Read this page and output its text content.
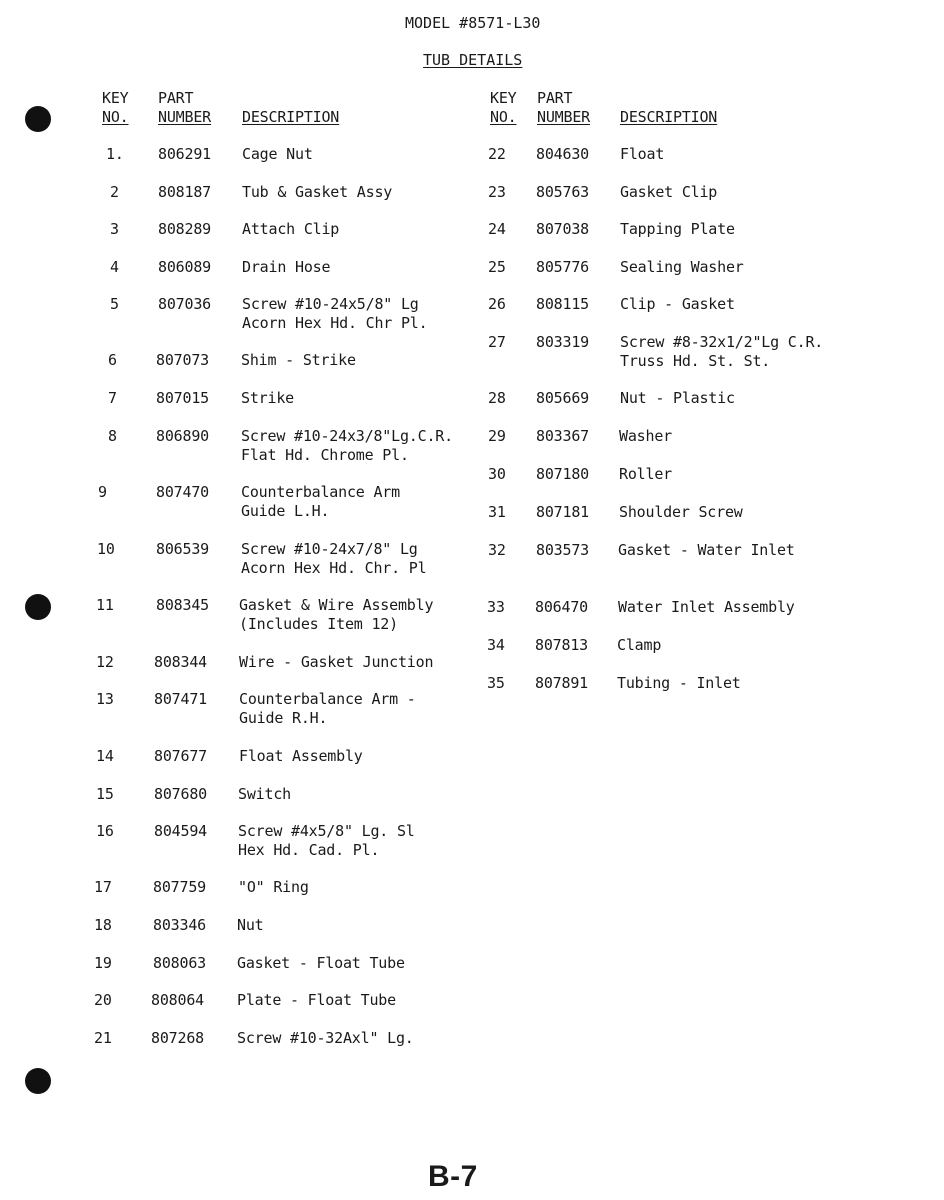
MODEL #8571-L30
TUB DETAILS
KEY
NO.
PART
NUMBER DESCRIPTION
KEY
NO.
PART
NUMBER DESCRIPTION
1. 806291 Cage Nut
2	808187 Tub & Gasket Assy
3	808289 Attach Clip
4	806089 Drain Hose
5	807036 Screw #10-24x5/8" Lg
Acorn Hex Hd. Chr Pl.
6	807073 Shim - Strike
7	807015 Strike
8	806890 Screw #10-24x3/8"Lg.C.R.
Flat Hd. Chrome Pl.
9	807470 Counterbalance Arm
Guide L.H.
10	806539 Screw #10-24x7/8" Lg
Acorn Hex Hd. Chr. Pl
11	808345 Gasket & Wire Assembly
(Includes Item 12)
12	808344 Wire - Gasket Junction
13	807471 Counterbalance Arm -
Guide R.H.
14	807677 Float Assembly
15	807680 Switch
16	804594 Screw #4x5/8" Lg. Sl
Hex Hd. Cad. Pl.
17	807759 "O" Ring
18	803346 Nut
19	808063 Gasket - Float Tube
20	808064 Plate - Float Tube
21	807268 Screw #10-32Axl" Lg.
22 804630 Float
23 805763 Gasket Clip
24 807038 Tapping Plate
25 805776 Sealing Washer
26 808115 Clip - Gasket
27 803319 Screw #8-32x1/2"Lg C.R.
Truss Hd. St. St.
28 805669 Nut - Plastic
29 803367 Washer
30 807180 Roller
31 807181 Shoulder Screw
32 803573 Gasket - Water Inlet
33 806470 Water Inlet Assembly
34 807813 Clamp
35 807891 Tubing - Inlet
B-7
